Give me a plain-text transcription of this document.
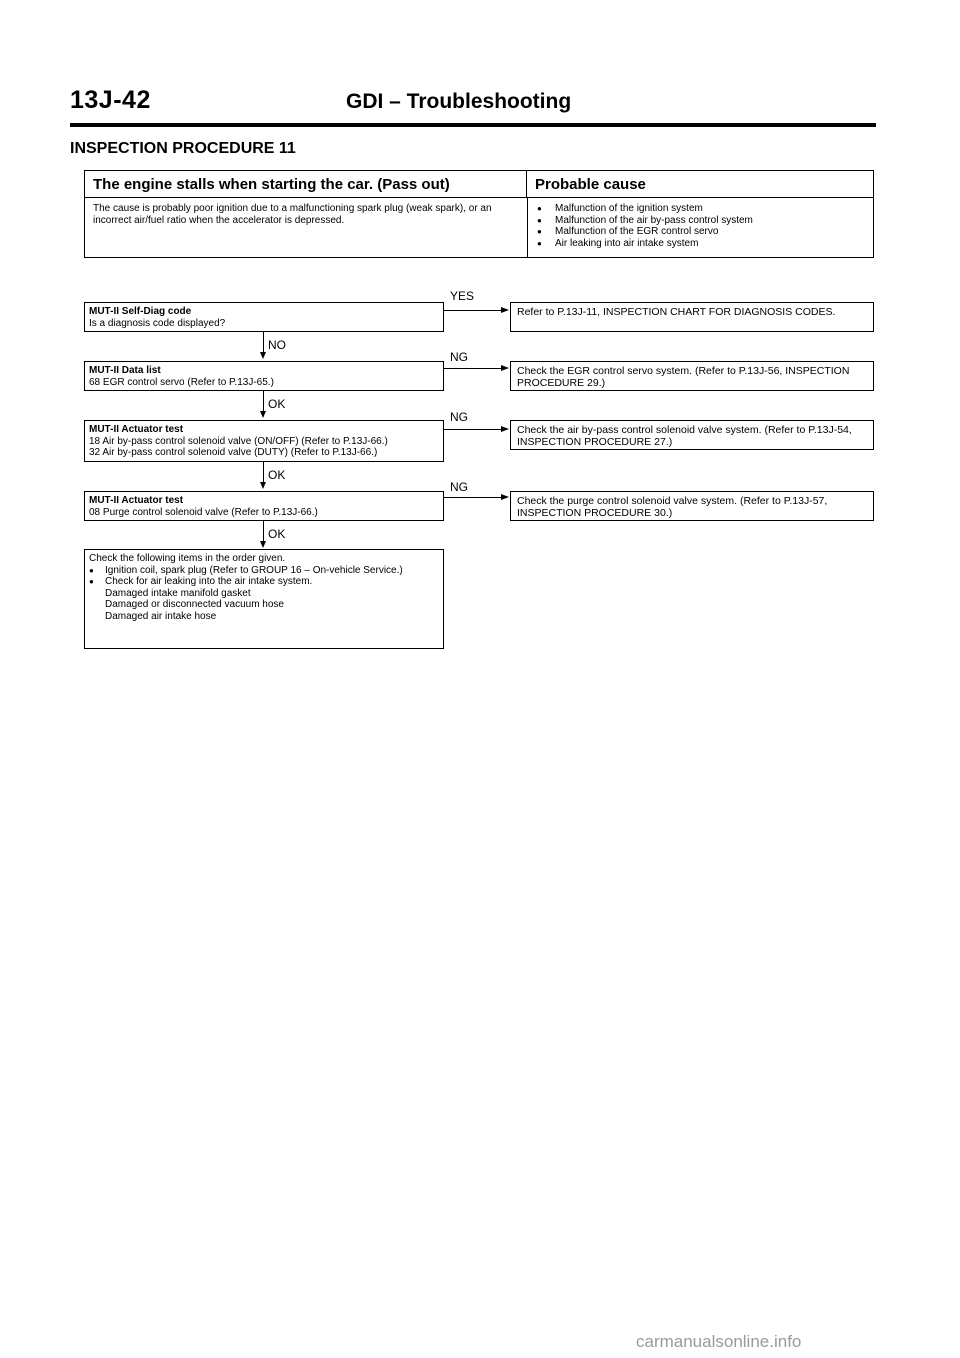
13J-42	GDI – Troubleshooting
INSPECTION PROCEDURE 11
The engine stalls when starting the car. (Pass out)	Probable cause
The cause is probably poor ignition due to a malfunctioning spark plug (weak spark), or an incorrect air/fuel ratio when the accelerator is depressed.
● Malfunction of the ignition system
● Malfunction of the air by-pass control system
● Malfunction of the EGR control servo
● Air leaking into air intake system
MUT-II Self-Diag code
Is a diagnosis code displayed?
YES
Refer to P.13J-11, INSPECTION CHART FOR DIAGNOSIS CODES.
NO
MUT-II Data list
68 EGR control servo (Refer to P.13J-65.)
NG
Check the EGR control servo system. (Refer to P.13J-56, INSPECTION PROCEDURE 29.)
OK
MUT-II Actuator test
18 Air by-pass control solenoid valve (ON/OFF) (Refer to P.13J-66.)
32 Air by-pass control solenoid valve (DUTY) (Refer to P.13J-66.)
NG
Check the air by-pass control solenoid valve system. (Refer to P.13J-54, INSPECTION PROCEDURE 27.)
OK
MUT-II Actuator test
08 Purge control solenoid valve (Refer to P.13J-66.)
NG
Check the purge control solenoid valve system. (Refer to P.13J-57, INSPECTION PROCEDURE 30.)
OK
Check the following items in the order given.
● Ignition coil, spark plug (Refer to GROUP 16 – On-vehicle Service.)
● Check for air leaking into the air intake system.
Damaged intake manifold gasket
Damaged or disconnected vacuum hose
Damaged air intake hose
carmanualsonline.info
